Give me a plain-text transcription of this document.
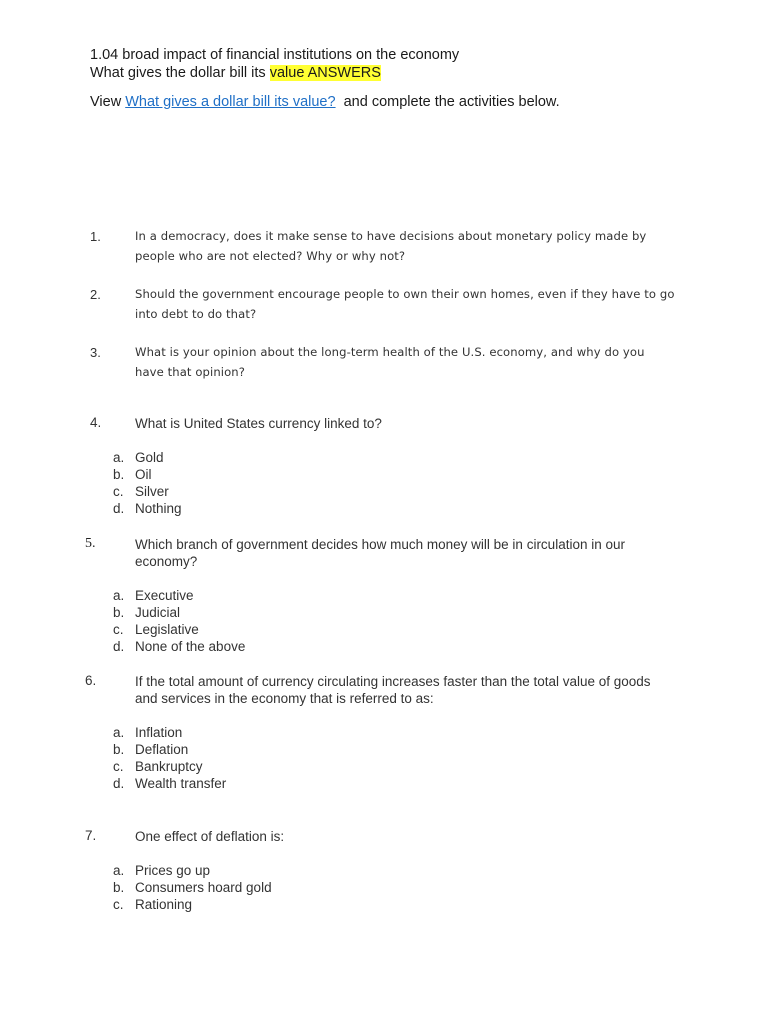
1.04 broad impact of financial institutions on the economy
What gives the dollar bill its value ANSWERS
View What gives a dollar bill its value?  and complete the activities below.
1.	In a democracy, does it make sense to have decisions about monetary policy made by people who are not elected? Why or why not?
2.	Should the government encourage people to own their own homes, even if they have to go into debt to do that?
3.	What is your opinion about the long-term health of the U.S. economy, and why do you have that opinion?
4. What is United States currency linked to?
a. Gold
b. Oil
c. Silver
d. Nothing
5.	Which branch of government decides how much money will be in circulation in our economy?
a. Executive
b. Judicial
c. Legislative
d. None of the above
6.	If the total amount of currency circulating increases faster than the total value of goods and services in the economy that is referred to as:
a. Inflation
b. Deflation
c. Bankruptcy
d. Wealth transfer
7.	One effect of deflation is:
a. Prices go up
b. Consumers hoard gold
c. Rationing
